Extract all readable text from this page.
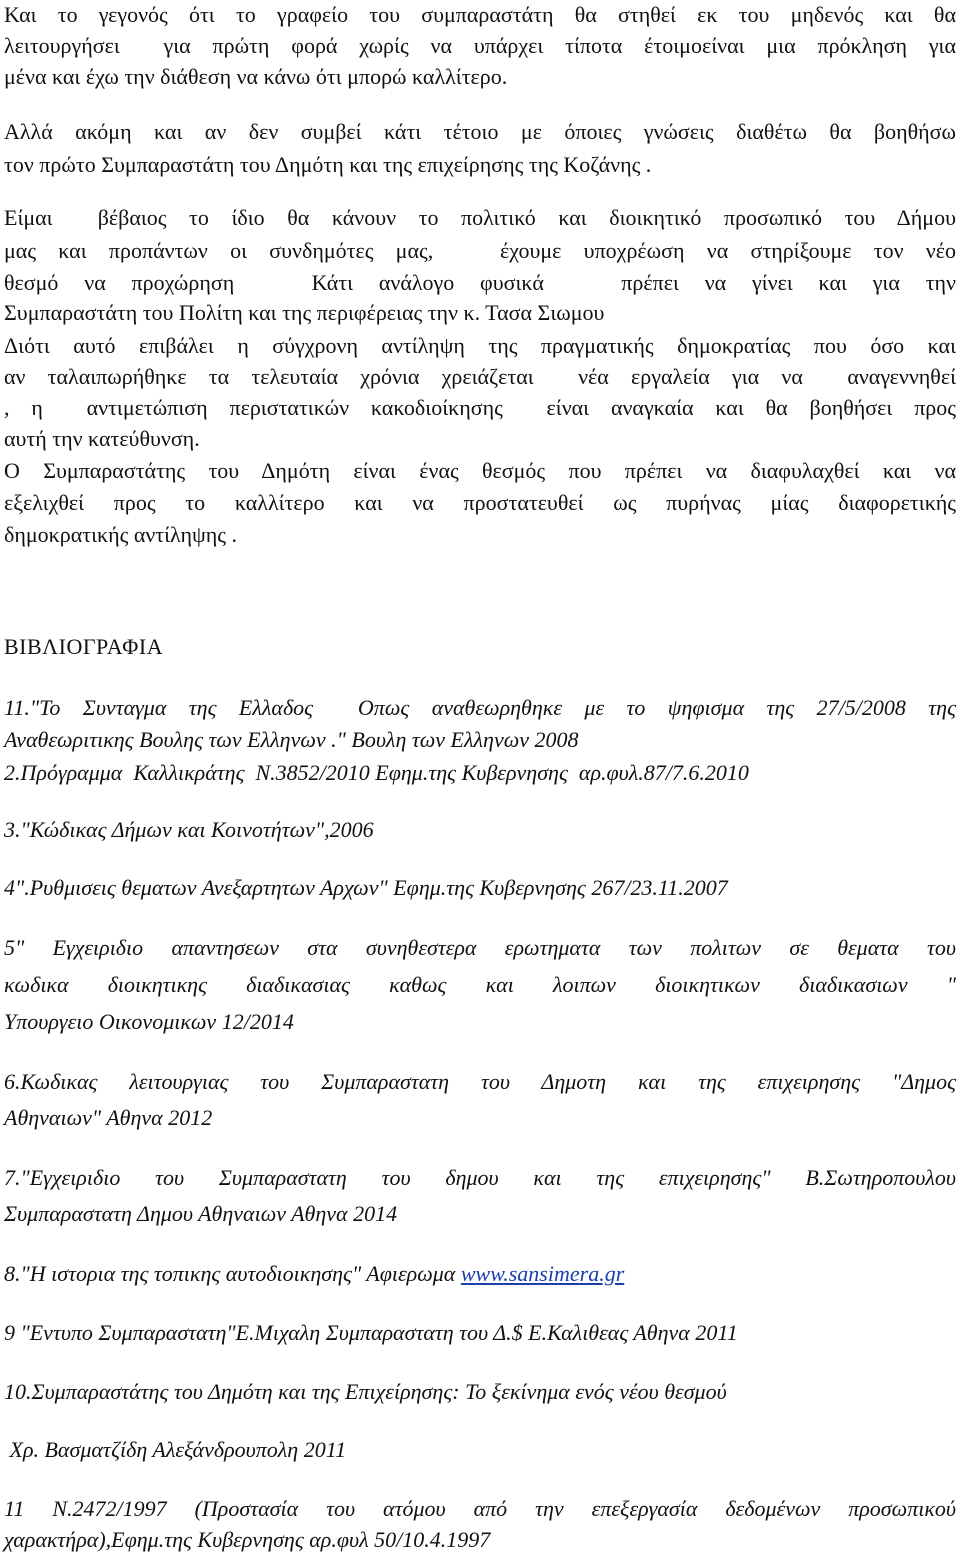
Και το γεγονός ότι το γραφείο του συμπαραστάτη θα στηθεί εκ του μηδενός και θα
λειτουργήσει  για πρώτη φορά χωρίς να υπάρχει τίποτα έτοιμοείναι μια πρόκληση για
μένα και έχω την διάθεση να κάνω ότι μπορώ καλλίτερο.
Αλλά ακόμη και αν δεν συμβεί κάτι τέτοιο με όποιες γνώσεις διαθέτω θα βοηθήσω
τον πρώτο Συμπαραστάτη του Δημότη και της επιχείρησης της Κοζάνης .
Είμαι  βέβαιος το ίδιο θα κάνουν το πολιτικό και διοικητικό προσωπικό του Δήμου
μας και προπάντων οι συνδημότες μας,   έχουμε υποχρέωση να στηρίξουμε τον νέο
θεσμό να προχώρηση   Κάτι ανάλογο φυσικά   πρέπει να γίνει και για την
Συμπαραστάτη του Πολίτη και της περιφέρειας την κ. Τασα Σιωμου
Διότι αυτό επιβάλει η σύγχρονη αντίληψη της πραγματικής δημοκρατίας που όσο και
αν ταλαιπωρήθηκε τα τελευταία χρόνια χρειάζεται  νέα εργαλεία για να  αναγεννηθεί
, η  αντιμετώπιση περιστατικών κακοδιοίκησης  είναι αναγκαία και θα βοηθήσει προς
αυτή την κατεύθυνση.
Ο Συμπαραστάτης του Δημότη είναι ένας θεσμός που πρέπει να διαφυλαχθεί και να
εξελιχθεί προς το καλλίτερο και να προστατευθεί ως πυρήνας μίας διαφορετικής
δημοκρατικής αντίληψης .
ΒΙΒΛΙΟΓΡΑΦΙΑ
11."Το Συνταγμα της Ελλαδος  Οπως αναθεωρηθηκε με το ψηφισμα της 27/5/2008 της
Αναθεωριτικης Βουλης των Ελληνων ." Βουλη των Ελληνων 2008
2.Πρόγραμμα  Καλλικράτης  Ν.3852/2010 Εφημ.της Κυβερνησης  αρ.φυλ.87/7.6.2010
3."Κώδικας Δήμων και Κοινοτήτων",2006
4".Ρυθμισεις θεματων Ανεξαρτητων Αρχων" Εφημ.της Κυβερνησης 267/23.11.2007
5" Εγχειριδιο απαντησεων στα συνηθεστερα ερωτηματα των πολιτων σε θεματα του
κωδικα  διοικητικης  διαδικασιας  καθως  και  λοιπων  διοικητικων  διαδικασιων  "
Υπουργειο Οικονομικων 12/2014
6.Κωδικας λειτουργιας του Συμπαραστατη του Δημοτη και της επιχειρησης "Δημος
Αθηναιων" Αθηνα 2012
7."Εγχειριδιο του Συμπαραστατη του δημου και της επιχειρησης" Β.Σωτηροπουλου
Συμπαραστατη Δημου Αθηναιων Αθηνα 2014
8."Η ιστορια της τοπικης αυτοδιοικησης" Αφιερωμα www.sansimera.gr
9 "Εντυπο Συμπαραστατη"Ε.Μιχαλη Συμπαραστατη του Δ.$ Ε.Καλιθεας Αθηνα 2011
10.Συμπαραστάτης του Δημότη και της Επιχείρησης: Το ξεκίνημα ενός νέου θεσμού
Χρ. Βασματζίδη Αλεξάνδρουπολη 2011
11 Ν.2472/1997 (Προστασία του ατόμου από την επεξεργασία δεδομένων προσωπικού
χαρακτήρα),Εφημ.της Κυβερνησης αρ.φυλ 50/10.4.1997
